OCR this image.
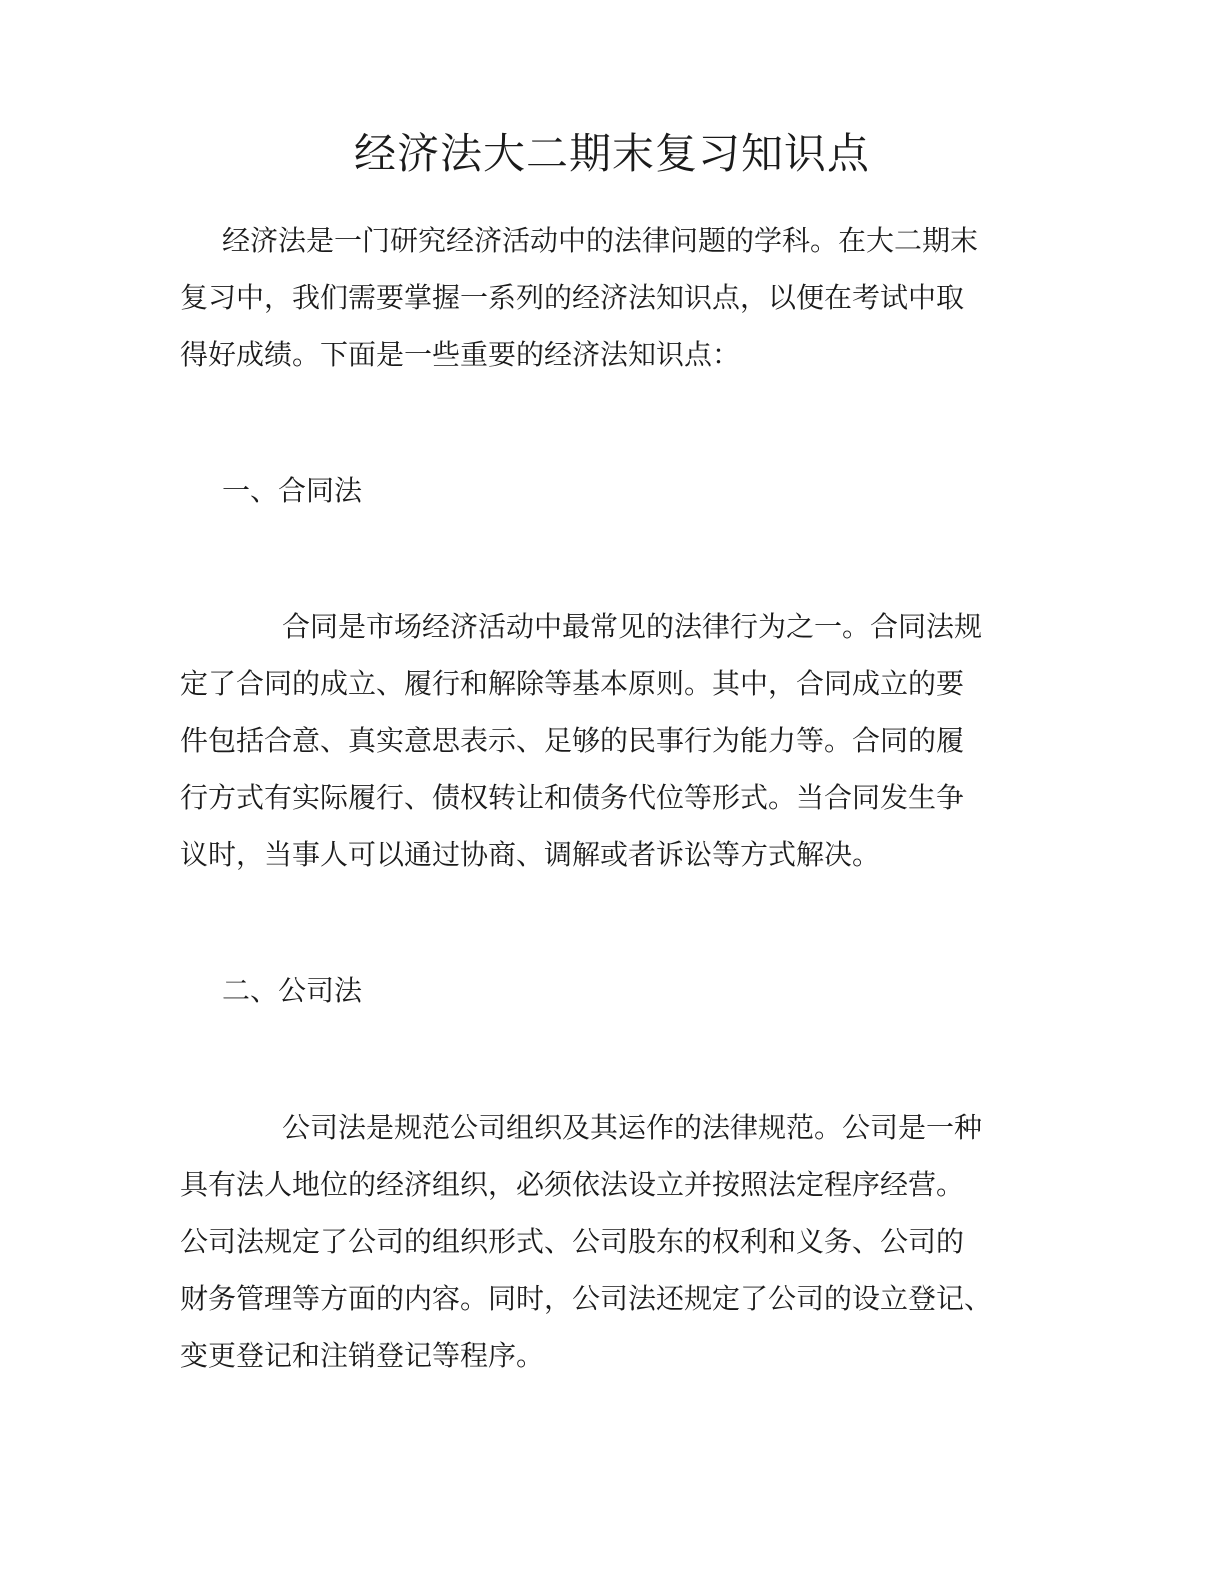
经济法大二期末复习知识点
经济法是一门研究经济活动中的法律问题的学科。在大二期末
复习中，我们需要掌握一系列的经济法知识点，以便在考试中取
得好成绩。下面是一些重要的经济法知识点：
一、合同法
合同是市场经济活动中最常见的法律行为之一。合同法规
定了合同的成立、履行和解除等基本原则。其中，合同成立的要
件包括合意、真实意思表示、足够的民事行为能力等。合同的履
行方式有实际履行、债权转让和债务代位等形式。当合同发生争
议时，当事人可以通过协商、调解或者诉讼等方式解决。
二、公司法
公司法是规范公司组织及其运作的法律规范。公司是一种
具有法人地位的经济组织，必须依法设立并按照法定程序经营。
公司法规定了公司的组织形式、公司股东的权利和义务、公司的
财务管理等方面的内容。同时，公司法还规定了公司的设立登记、
变更登记和注销登记等程序。
